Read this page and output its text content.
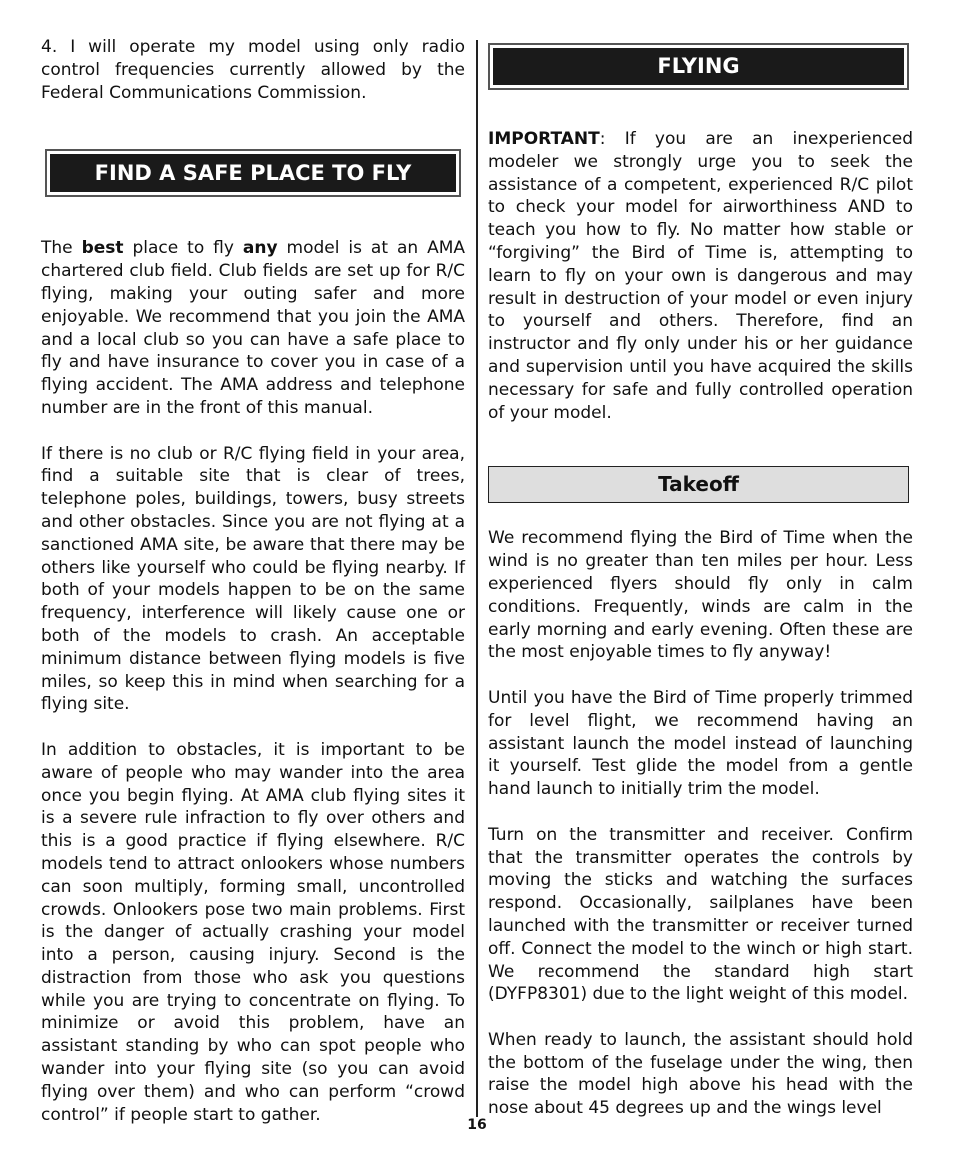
4. I will operate my model using only radio control frequencies currently allowed by the Federal Communications Commission.

FIND A SAFE PLACE TO FLY

The best place to fly any model is at an AMA chartered club field. Club fields are set up for R/C flying, making your outing safer and more enjoyable. We recommend that you join the AMA and a local club so you can have a safe place to fly and have insurance to cover you in case of a flying accident. The AMA address and telephone number are in the front of this manual.

If there is no club or R/C flying field in your area, find a suitable site that is clear of trees, telephone poles, buildings, towers, busy streets and other obstacles. Since you are not flying at a sanctioned AMA site, be aware that there may be others like yourself who could be flying nearby. If both of your models happen to be on the same frequency, interference will likely cause one or both of the models to crash. An acceptable minimum distance between flying models is five miles, so keep this in mind when searching for a flying site.

In addition to obstacles, it is important to be aware of people who may wander into the area once you begin flying. At AMA club flying sites it is a severe rule infraction to fly over others and this is a good practice if flying elsewhere. R/C models tend to attract onlookers whose numbers can soon multiply, forming small, uncontrolled crowds. Onlookers pose two main problems. First is the danger of actually crashing your model into a person, causing injury. Second is the distraction from those who ask you questions while you are trying to concentrate on flying. To minimize or avoid this problem, have an assistant standing by who can spot people who wander into your flying site (so you can avoid flying over them) and who can perform “crowd control” if people start to gather.

FLYING

IMPORTANT: If you are an inexperienced modeler we strongly urge you to seek the assistance of a competent, experienced R/C pilot to check your model for airworthiness AND to teach you how to fly. No matter how stable or “forgiving” the Bird of Time is, attempting to learn to fly on your own is dangerous and may result in destruction of your model or even injury to yourself and others. Therefore, find an instructor and fly only under his or her guidance and supervision until you have acquired the skills necessary for safe and fully controlled operation of your model.

Takeoff

We recommend flying the Bird of Time when the wind is no greater than ten miles per hour. Less experienced flyers should fly only in calm conditions. Frequently, winds are calm in the early morning and early evening. Often these are the most enjoyable times to fly anyway!

Until you have the Bird of Time properly trimmed for level flight, we recommend having an assistant launch the model instead of launching it yourself. Test glide the model from a gentle hand launch to initially trim the model.

Turn on the transmitter and receiver. Confirm that the transmitter operates the controls by moving the sticks and watching the surfaces respond. Occasionally, sailplanes have been launched with the transmitter or receiver turned off. Connect the model to the winch or high start. We recommend the standard high start (DYFP8301) due to the light weight of this model.

When ready to launch, the assistant should hold the bottom of the fuselage under the wing, then raise the model high above his head with the nose about 45 degrees up and the wings level

16
